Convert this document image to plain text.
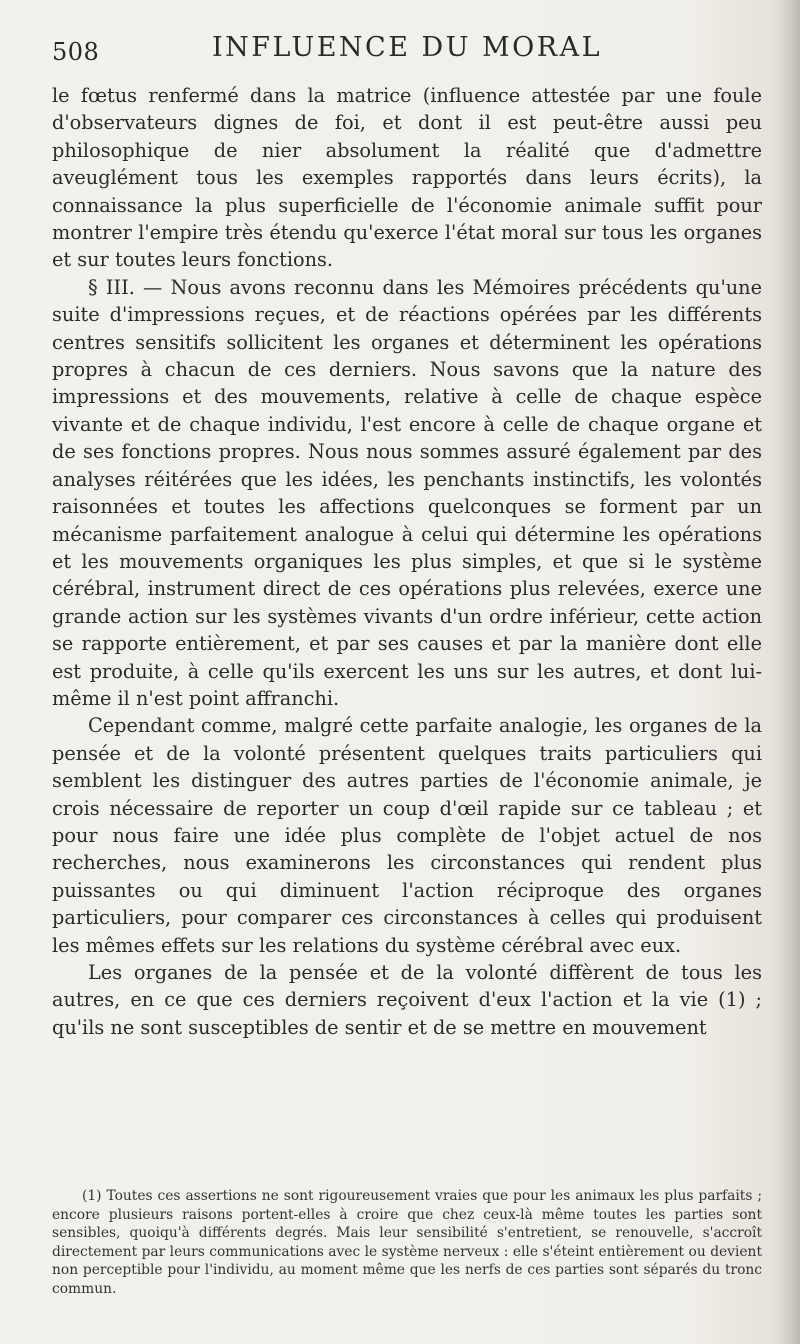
508	INFLUENCE DU MORAL

le fœtus renfermé dans la matrice (influence attestée par une foule d'observateurs dignes de foi, et dont il est peut-être aussi peu philosophique de nier absolument la réalité que d'admettre aveuglément tous les exemples rapportés dans leurs écrits), la connaissance la plus superficielle de l'économie animale suffit pour montrer l'empire très étendu qu'exerce l'état moral sur tous les organes et sur toutes leurs fonctions.

§ III. — Nous avons reconnu dans les Mémoires précédents qu'une suite d'impressions reçues, et de réactions opérées par les différents centres sensitifs sollicitent les organes et déterminent les opérations propres à chacun de ces derniers. Nous savons que la nature des impressions et des mouvements, relative à celle de chaque espèce vivante et de chaque individu, l'est encore à celle de chaque organe et de ses fonctions propres. Nous nous sommes assuré également par des analyses réitérées que les idées, les penchants instinctifs, les volontés raisonnées et toutes les affections quelconques se forment par un mécanisme parfaitement analogue à celui qui détermine les opérations et les mouvements organiques les plus simples, et que si le système cérébral, instrument direct de ces opérations plus relevées, exerce une grande action sur les systèmes vivants d'un ordre inférieur, cette action se rapporte entièrement, et par ses causes et par la manière dont elle est produite, à celle qu'ils exercent les uns sur les autres, et dont lui-même il n'est point affranchi.

Cependant comme, malgré cette parfaite analogie, les organes de la pensée et de la volonté présentent quelques traits particuliers qui semblent les distinguer des autres parties de l'économie animale, je crois nécessaire de reporter un coup d'œil rapide sur ce tableau ; et pour nous faire une idée plus complète de l'objet actuel de nos recherches, nous examinerons les circonstances qui rendent plus puissantes ou qui diminuent l'action réciproque des organes particuliers, pour comparer ces circonstances à celles qui produisent les mêmes effets sur les relations du système cérébral avec eux.

Les organes de la pensée et de la volonté diffèrent de tous les autres, en ce que ces derniers reçoivent d'eux l'action et la vie (1) ; qu'ils ne sont susceptibles de sentir et de se mettre en mouvement

(1) Toutes ces assertions ne sont rigoureusement vraies que pour les animaux les plus parfaits ; encore plusieurs raisons portent-elles à croire que chez ceux-là même toutes les parties sont sensibles, quoiqu'à différents degrés. Mais leur sensibilité s'entretient, se renouvelle, s'accroît directement par leurs communications avec le système nerveux : elle s'éteint entièrement ou devient non perceptible pour l'individu, au moment même que les nerfs de ces parties sont séparés du tronc commun.
